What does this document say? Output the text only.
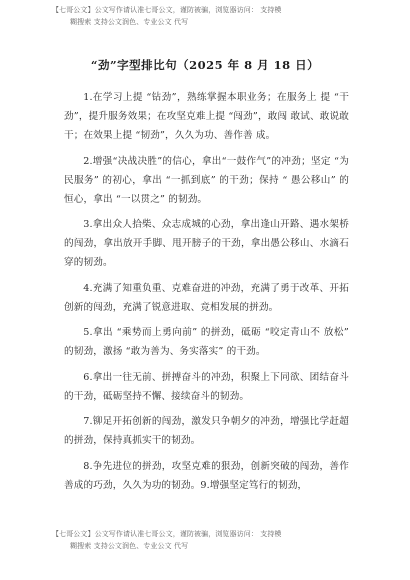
【七哥公文】公文写作请认准七哥公文，谨防被骗，浏览器访问： 支持模
糊搜索 支持公文润色、专业公文 代写
“劲”字型排比句（2025 年 8 月 18 日）

1.在学习上提 “钻劲”，熟练掌握本职业务；在服务上 提 “干劲”，提升服务效果；在攻坚克难上提 “闯劲”，敢闯 敢试、敢说敢干；在效果上提 “韧劲”，久久为功、善作善 成。

2.增强“决战决胜”的信心，拿出“一鼓作气”的冲劲；坚定 “为民服务” 的初心，拿出 “一抓到底” 的干劲；保持 “ 愚公移山” 的恒心，拿出 “一以贯之” 的韧劲。

3.拿出众人拾柴、众志成城的心劲，拿出逢山开路、遇水架桥的闯劲，拿出放开手脚、甩开膀子的干劲，拿出愚公移山、水滴石穿的韧劲。

4.充满了知重负重、克难奋进的冲劲，充满了勇于改革、开拓创新的闯劲，充满了锐意进取、竞相发展的拼劲。

5.拿出 “乘势而上勇向前” 的拼劲，砥砺 “咬定青山不 放松” 的韧劲，激扬 “敢为善为、务实落实” 的干劲。

6.拿出一往无前、拼搏奋斗的冲劲，积聚上下同欲、团结奋斗的干劲，砥砺坚持不懈、接续奋斗的韧劲。

7.铆足开拓创新的闯劲，激发只争朝夕的冲劲，增强比学赶超的拼劲，保持真抓实干的韧劲。

8.争先进位的拼劲，攻坚克难的狠劲，创新突破的闯劲，善作善成的巧劲，久久为功的韧劲。9.增强坚定笃行的韧劲，

【七哥公文】公文写作请认准七哥公文，谨防被骗，浏览器访问： 支持模
糊搜索 支持公文润色、专业公文 代写
